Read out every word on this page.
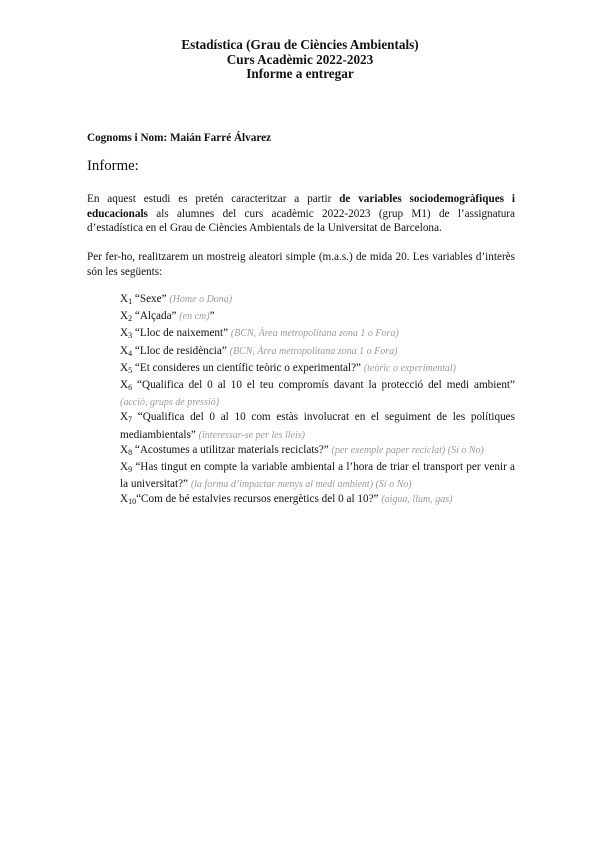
Estadística (Grau de Ciències Ambientals)
Curs Acadèmic 2022-2023
Informe a entregar
Cognoms i Nom: Maián Farré Álvarez
Informe:
En aquest estudi es pretén caracteritzar a partir de variables sociodemogràfiques i educacionals als alumnes del curs acadèmic 2022-2023 (grup M1) de l’assignatura d’estadística en el Grau de Ciències Ambientals de la Universitat de Barcelona.
Per fer-ho, realitzarem un mostreig aleatori simple (m.a.s.) de mida 20. Les variables d’interès són les següents:

$X_1$ “Sexe” (Home o Dona)

$X_2$ “Alçada” (en cm)”

$X_3$ “Lloc de naixement” (BCN, Àrea metropolitana zona 1 o Fora)

$X_4$ “Lloc de residència” (BCN, Àrea metropolitana zona 1 o Fora)

$X_5$ “Et consideres un científic teòric o experimental?” (teòric o experimental)

$X_6$ “Qualifica del 0 al 10 el teu compromís davant la protecció del medi ambient” (acció, grups de pressió)

$X_7$ “Qualifica del 0 al 10 com estàs involucrat en el seguiment de les polítiques mediambientals” (interessar-se per les lleis)

$X_8$ “Acostumes a utilitzar materials reciclats?” (per exemple paper reciclat) (Sí o No)

$X_9$ “Has tingut en compte la variable ambiental a l’hora de triar el transport per venir a la universitat?” (la forma d’impactar menys al medi ambient) (Sí o No)

$X_{10}“Com$ de bé estalvies recursos energètics del 0 al 10?” (aigua, llum, gas)
